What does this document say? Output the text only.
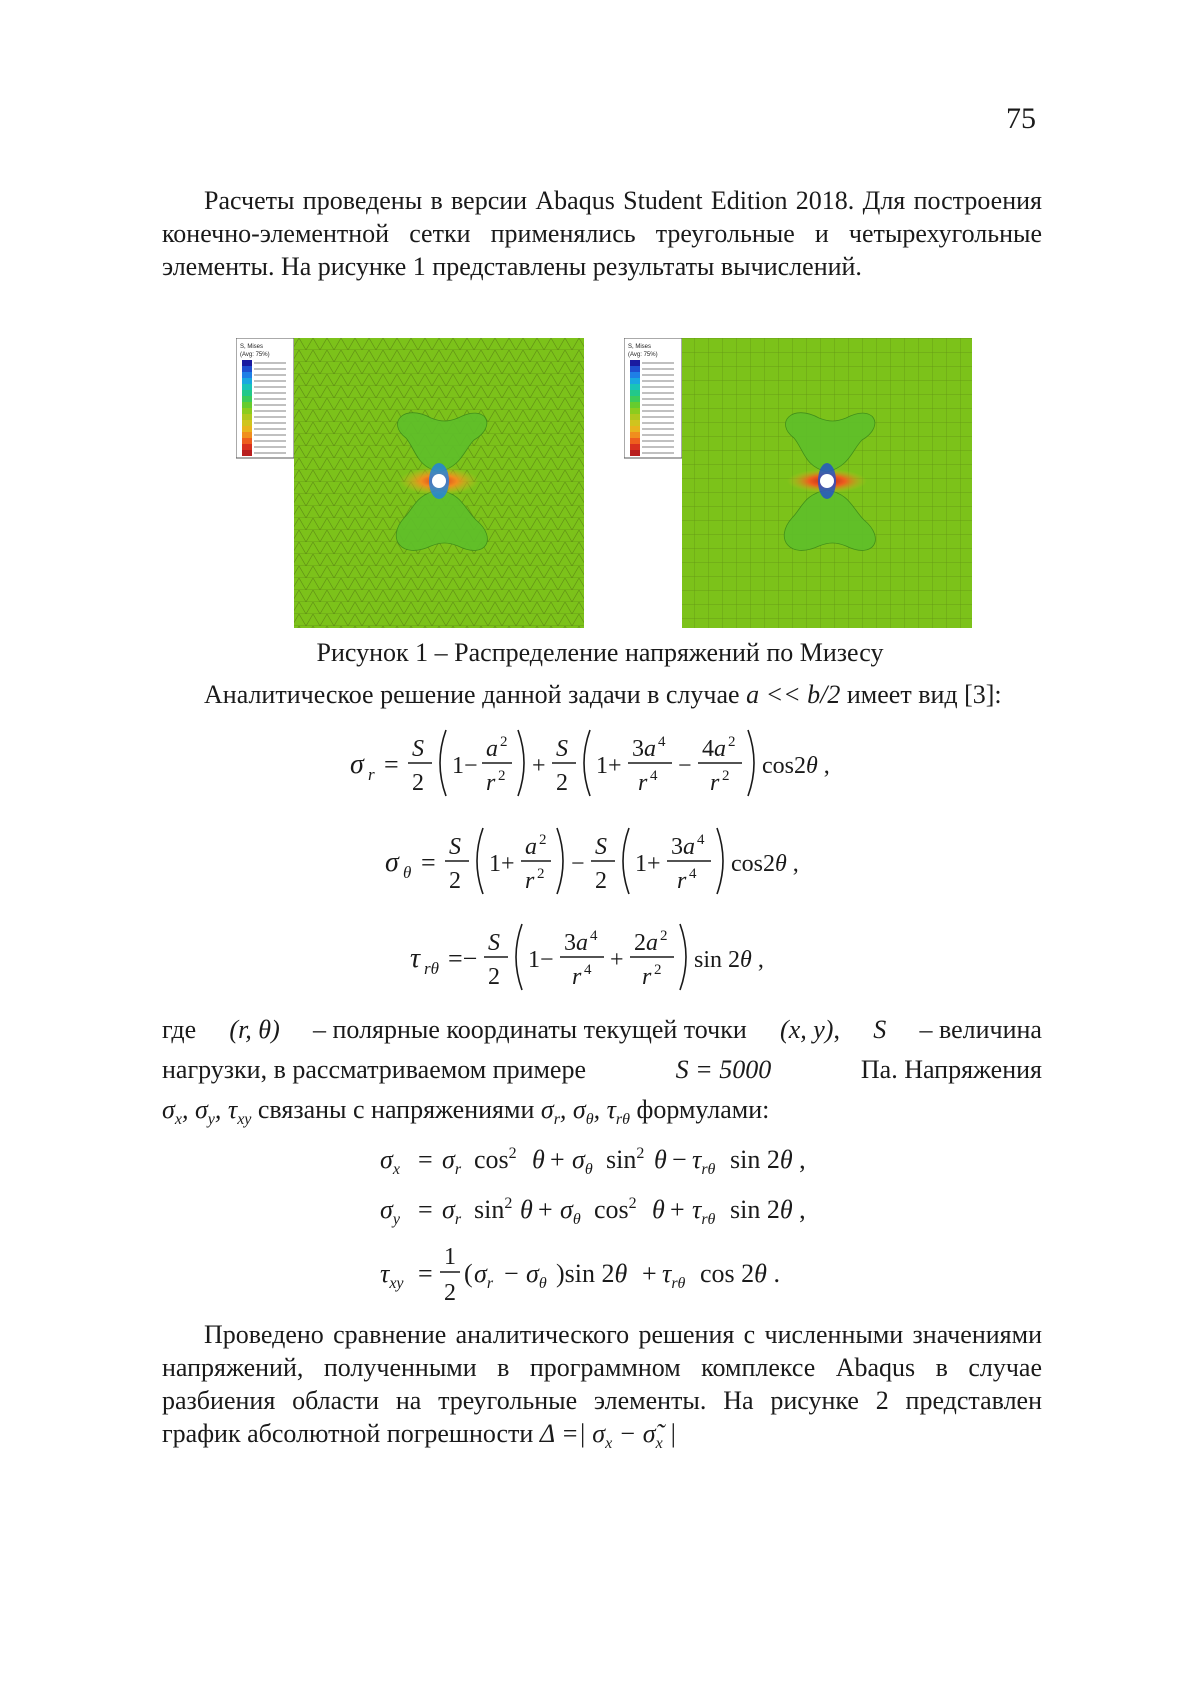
75

Расчеты проведены в версии Abaqus Student Edition 2018. Для построения конечно-элементной сетки применялись треугольные и четырехугольные элементы. На рисунке 1 представлены результаты вычислений.

S, Mises
(Avg: 75%)
S, Mises
(Avg: 75%)
Рисунок 1 – Распределение напряжений по Мизесу
Аналитическое решение данной задачи в случае a << b/2 имеет вид [3]:
σ r =
S
2
1−
a 2
r 2 +
S
2
1+
3a 4
r 4 −
4a 2
r 2 cos2θ ,
σ θ =
S
2
1+
a 2
r 2 −
S
2
1+
3a 4
r 4 cos2θ ,
τ rθ =−
S
2
1−
3a 4
r 4 +
2a 2
r 2 sin 2θ ,
где (r, θ) – полярные координаты текущей точки (x, y), S – величина
нагрузки, в рассматриваемом примере	S = 5000	Па. Напряжения
$\sigma_x$, $\sigma_y$, $\tau_{xy}$ связаны с напряжениями $\sigma_r$, $\sigma_\theta$, $\tau_{r\theta}$ формулами:
$\sigma_x = \sigma_r$ $\cos^2 \theta + \sigma_\theta$ $\sin^2 \theta - \tau_{r\theta}$ sin 2θ ,
$\sigma_y = \sigma_r$ $\sin^2 \theta + \sigma_\theta$ $\cos^2 \theta + \tau_{r\theta}$ sin 2θ ,
$\tau_{xy}$ =
1
2
( $\sigma_r - \sigma_\theta$ )sin $2\theta + \tau_{r\theta}$ cos 2θ .

Проведено сравнение аналитического решения с численными значениями напряжений, полученными в программном комплексе Abaqus в случае разбиения области на треугольные элементы. На рисунке 2 представлен график абсолютной погрешности Δ =| $\sigma_x$ − $\sigmã_x$ |
